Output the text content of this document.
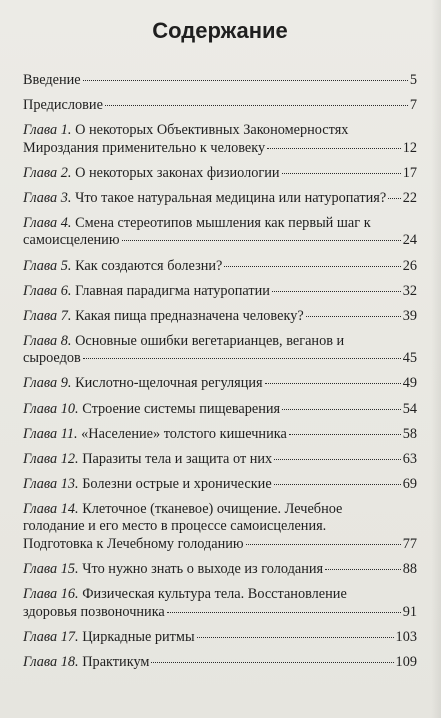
Содержание
Введение	5
Предисловие	7
Глава 1.
О некоторых Объективных Закономерностях
Мироздания применительно к человеку	12
Глава 2.
О некоторых законах физиологии	17
Глава 3.
Что такое натуральная медицина или натуропатия? 22
Глава 4.
Смена стереотипов мышления как первый шаг к
самоисцелению	24
Глава 5.
Как создаются болезни?	26
Глава 6.
Главная парадигма натуропатии	32
Глава 7.
Какая пища предназначена человеку?	39
Глава 8.
Основные ошибки вегетарианцев, веганов и
сыроедов	45
Глава 9.
Кислотно-щелочная регуляция	49
Глава 10.
Строение системы пищеварения	54
Глава 11.
«Население» толстого кишечника	58
Глава 12.
Паразиты тела и защита от них	63
Глава 13.
Болезни острые и хронические	69
Глава 14.
Клеточное (тканевое) очищение. Лечебное
голодание и его место в процессе самоисцеления.
Подготовка к Лечебному голоданию	77
Глава 15.
Что нужно знать о выходе из голодания	88
Глава 16.
Физическая культура тела. Восстановление
здоровья позвоночника	91
Глава 17.
Циркадные ритмы	103
Глава 18.
Практикум	109
